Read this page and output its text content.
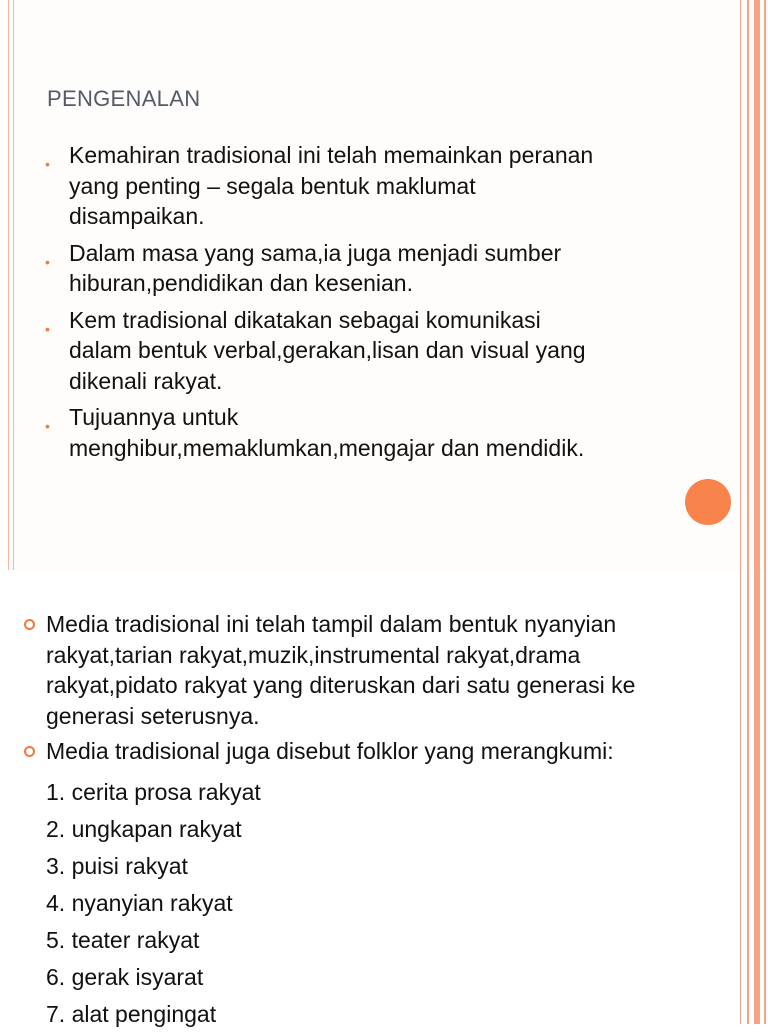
PENGENALAN
• Kemahiran tradisional ini telah memainkan peranan
yang penting – segala bentuk maklumat
disampaikan.
• Dalam masa yang sama,ia juga menjadi sumber
hiburan,pendidikan dan kesenian.
• Kem tradisional dikatakan sebagai komunikasi
dalam bentuk verbal,gerakan,lisan dan visual yang
dikenali rakyat.
• Tujuannya untuk
menghibur,memaklumkan,mengajar dan mendidik.
Media tradisional ini telah tampil dalam bentuk nyanyian
rakyat,tarian rakyat,muzik,instrumental rakyat,drama
rakyat,pidato rakyat yang diteruskan dari satu generasi ke
generasi seterusnya.
Media tradisional juga disebut folklor yang merangkumi:
1. cerita prosa rakyat
2. ungkapan rakyat
3. puisi rakyat
4. nyanyian rakyat
5. teater rakyat
6. gerak isyarat
7. alat pengingat
